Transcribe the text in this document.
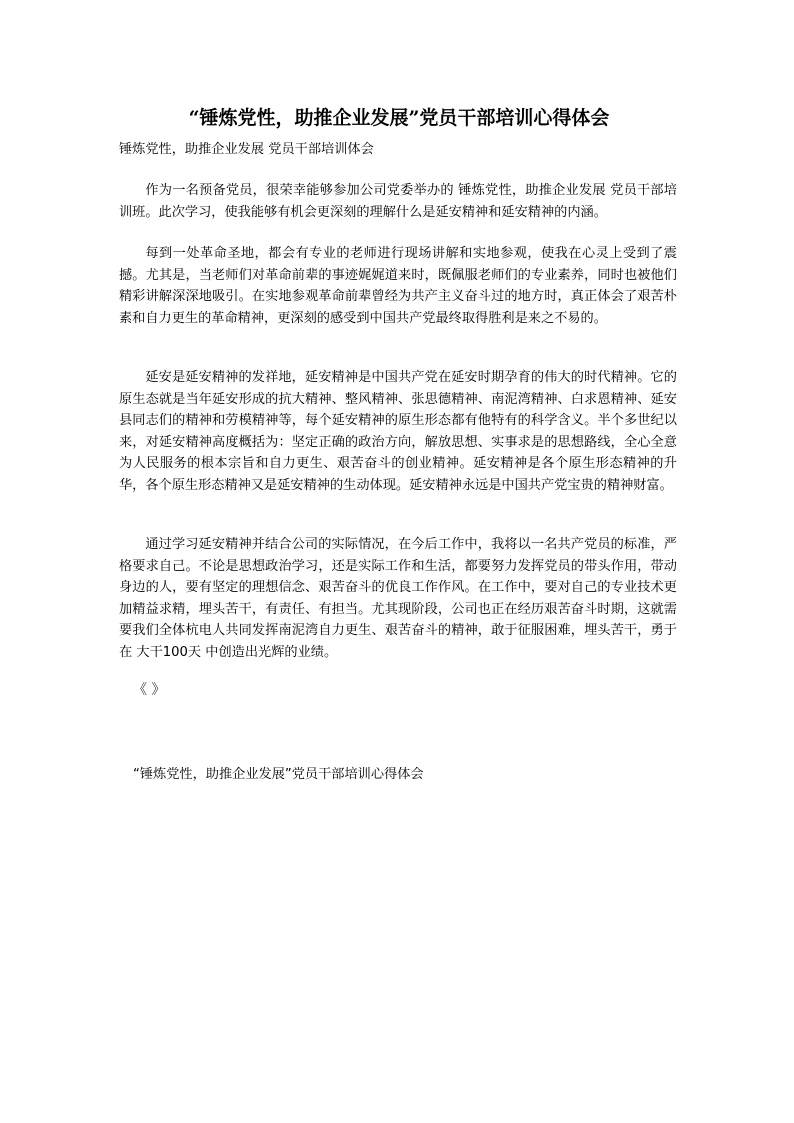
“锤炼党性，助推企业发展”党员干部培训心得体会
锤炼党性，助推企业发展 党员干部培训体会

作为一名预备党员，很荣幸能够参加公司党委举办的 锤炼党性，助推企业发展 党员干部培训班。此次学习，使我能够有机会更深刻的理解什么是延安精神和延安精神的内涵。

每到一处革命圣地，都会有专业的老师进行现场讲解和实地参观，使我在心灵上受到了震撼。尤其是，当老师们对革命前辈的事迹娓娓道来时，既佩服老师们的专业素养，同时也被他们精彩讲解深深地吸引。在实地参观革命前辈曾经为共产主义奋斗过的地方时，真正体会了艰苦朴素和自力更生的革命精神，更深刻的感受到中国共产党最终取得胜利是来之不易的。

延安是延安精神的发祥地，延安精神是中国共产党在延安时期孕育的伟大的时代精神。它的原生态就是当年延安形成的抗大精神、整风精神、张思德精神、南泥湾精神、白求恩精神、延安县同志们的精神和劳模精神等，每个延安精神的原生形态都有他特有的科学含义。半个多世纪以来，对延安精神高度概括为：坚定正确的政治方向，解放思想、实事求是的思想路线，全心全意为人民服务的根本宗旨和自力更生、艰苦奋斗的创业精神。延安精神是各个原生形态精神的升华，各个原生形态精神又是延安精神的生动体现。延安精神永远是中国共产党宝贵的精神财富。

通过学习延安精神并结合公司的实际情况，在今后工作中，我将以一名共产党员的标准，严格要求自己。不论是思想政治学习，还是实际工作和生活，都要努力发挥党员的带头作用，带动身边的人，要有坚定的理想信念、艰苦奋斗的优良工作作风。在工作中，要对自己的专业技术更加精益求精，埋头苦干，有责任、有担当。尤其现阶段，公司也正在经历艰苦奋斗时期，这就需要我们全体杭电人共同发挥南泥湾自力更生、艰苦奋斗的精神，敢于征服困难，埋头苦干，勇于在 大干100天 中创造出光辉的业绩。

《 》
“锤炼党性，助推企业发展”党员干部培训心得体会
